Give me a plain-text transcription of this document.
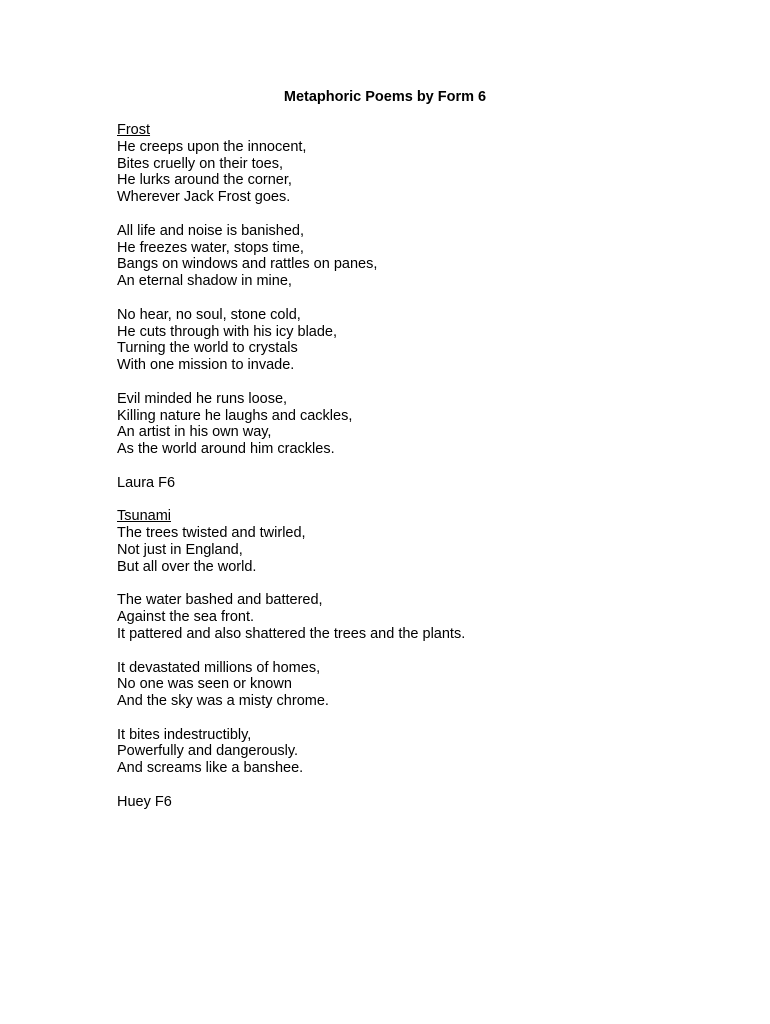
Metaphoric Poems by Form 6
Frost
He creeps upon the innocent,
Bites cruelly on their toes,
He lurks around the corner,
Wherever Jack Frost goes.
All life and noise is banished,
He freezes water, stops time,
Bangs on windows and rattles on panes,
An eternal shadow in mine,
No hear, no soul, stone cold,
He cuts through with his icy blade,
Turning the world to crystals
With one mission to invade.
Evil minded he runs loose,
Killing nature he laughs and cackles,
An artist in his own way,
As the world around him crackles.
Laura F6
Tsunami
The trees twisted and twirled,
Not just in England,
But all over the world.
The water bashed and battered,
Against the sea front.
It pattered and also shattered the trees and the plants.
It devastated millions of homes,
No one was seen or known
And the sky was a misty chrome.
It bites indestructibly,
Powerfully and dangerously.
And screams like a banshee.
Huey F6
